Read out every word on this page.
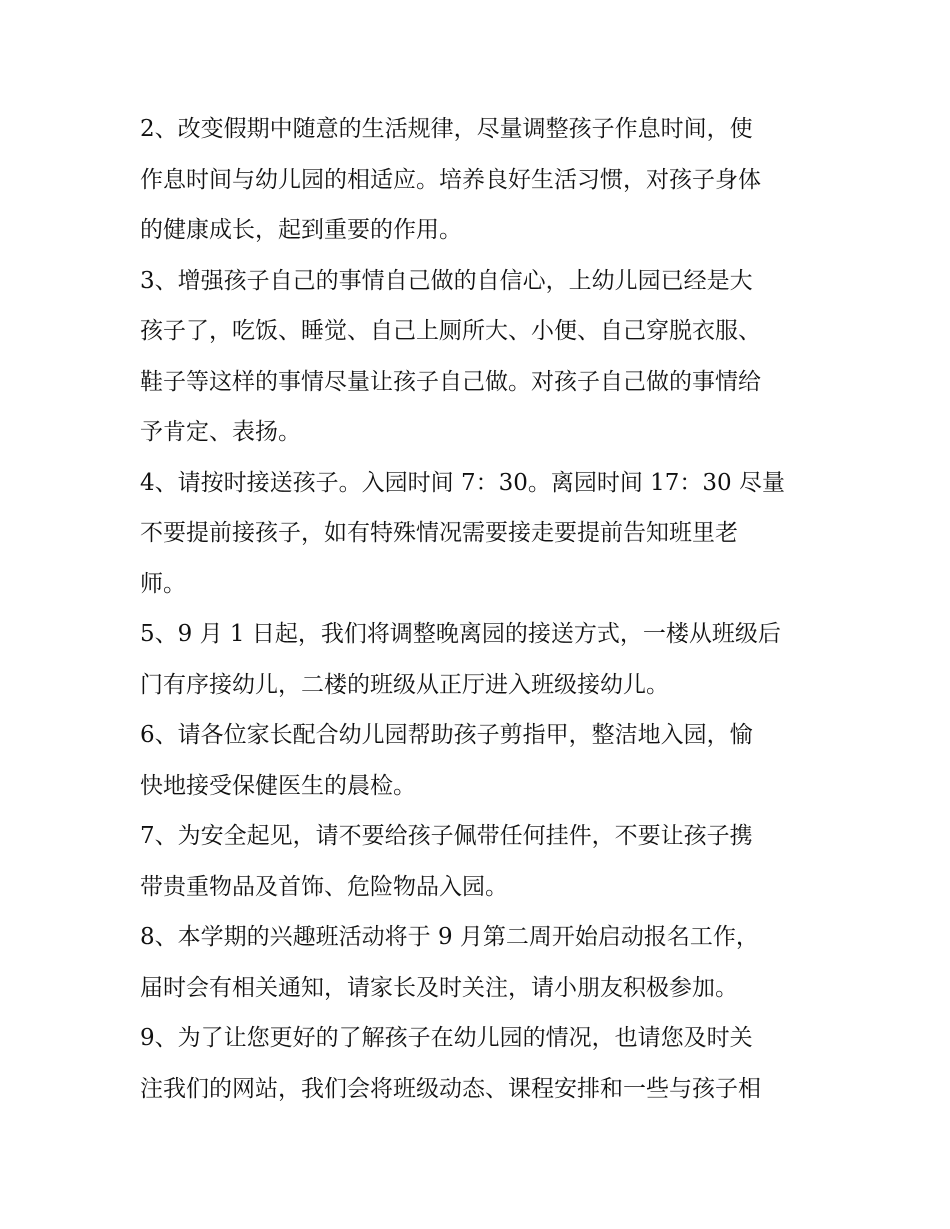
2、改变假期中随意的生活规律，尽量调整孩子作息时间，使
作息时间与幼儿园的相适应。培养良好生活习惯，对孩子身体
的健康成长，起到重要的作用。
3、增强孩子自己的事情自己做的自信心，上幼儿园已经是大
孩子了，吃饭、睡觉、自己上厕所大、小便、自己穿脱衣服、
鞋子等这样的事情尽量让孩子自己做。对孩子自己做的事情给
予肯定、表扬。
4、请按时接送孩子。入园时间 7：30。离园时间 17：30 尽量
不要提前接孩子，如有特殊情况需要接走要提前告知班里老
师。
5、9 月 1 日起，我们将调整晚离园的接送方式，一楼从班级后
门有序接幼儿，二楼的班级从正厅进入班级接幼儿。
6、请各位家长配合幼儿园帮助孩子剪指甲，整洁地入园，愉
快地接受保健医生的晨检。
7、为安全起见，请不要给孩子佩带任何挂件，不要让孩子携
带贵重物品及首饰、危险物品入园。
8、本学期的兴趣班活动将于 9 月第二周开始启动报名工作，
届时会有相关通知，请家长及时关注，请小朋友积极参加。
9、为了让您更好的了解孩子在幼儿园的情况，也请您及时关
注我们的网站，我们会将班级动态、课程安排和一些与孩子相
